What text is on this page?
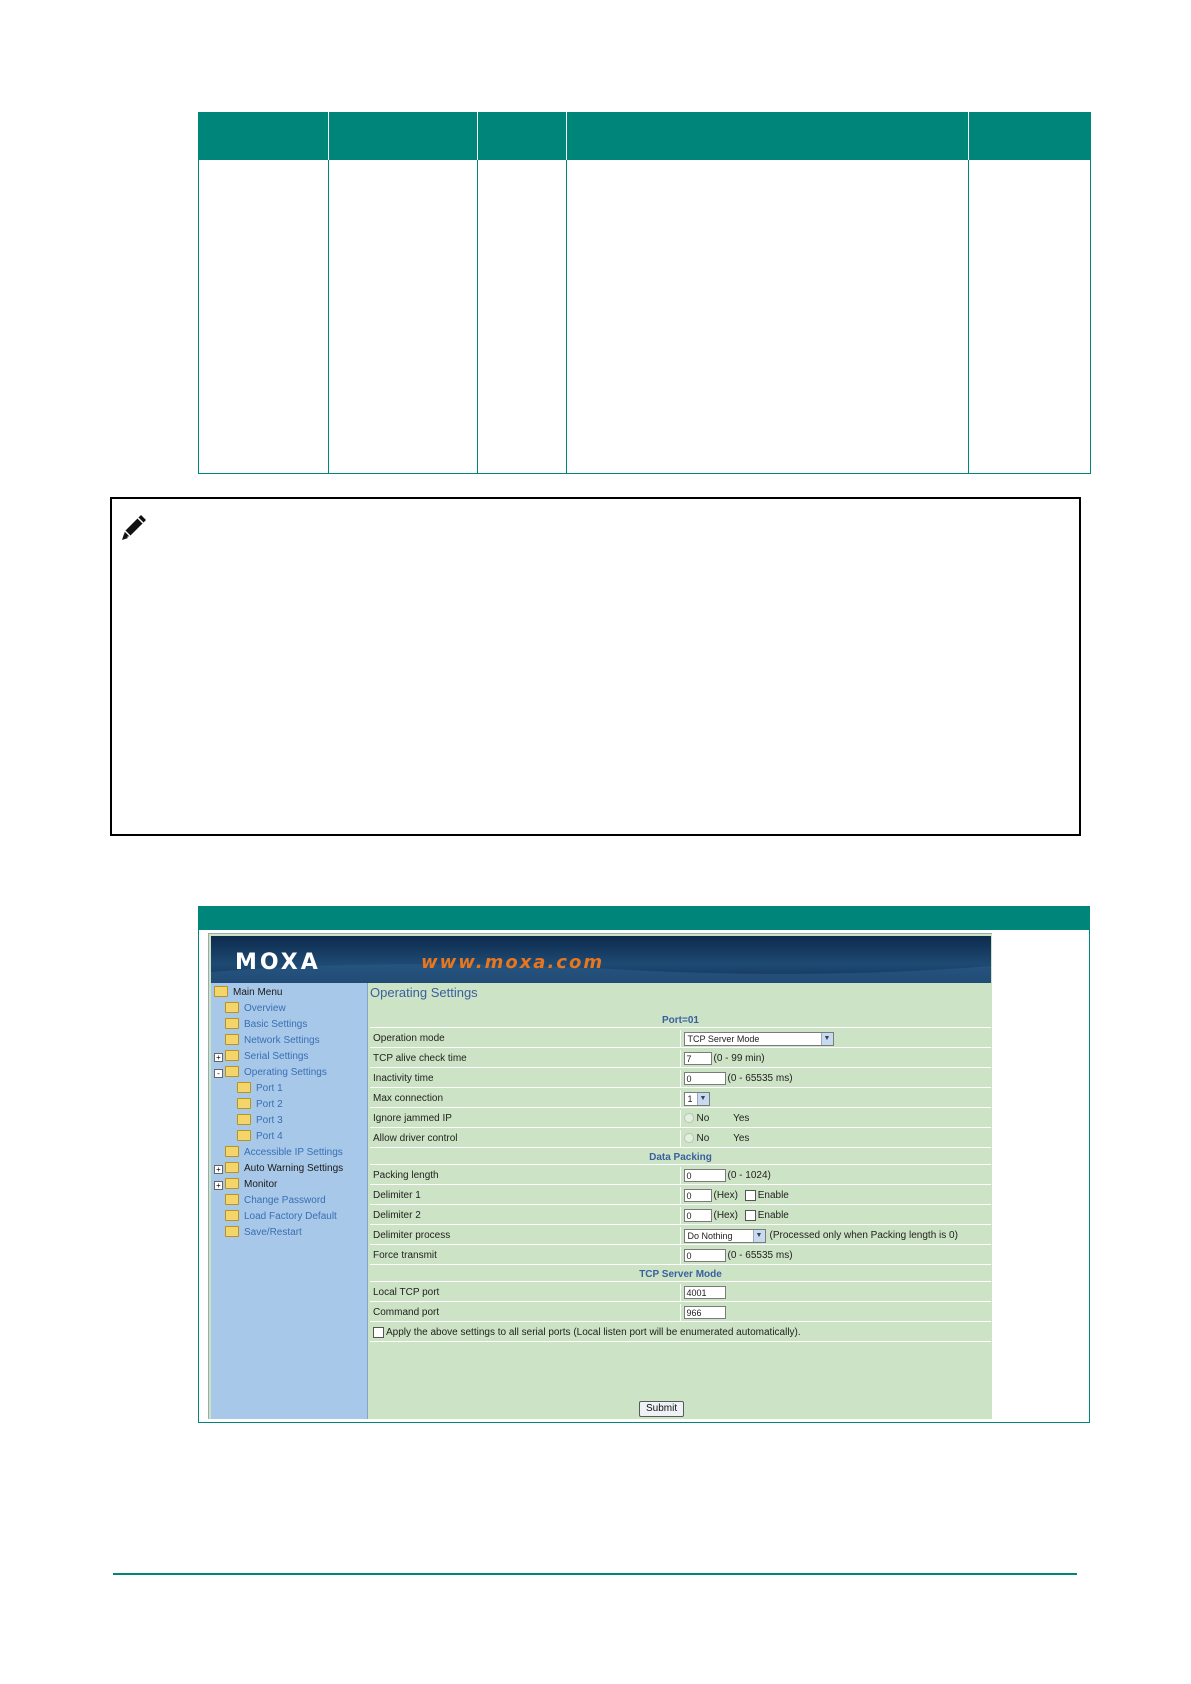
MOXA	www.moxa.com
Main Menu
Overview
Basic Settings
Network Settings
+	Serial Settings
-	Operating Settings
Port 1
Port 2
Port 3
Port 4
Accessible IP Settings
+	Auto Warning Settings
+	Monitor
Change Password
Load Factory Default
Save/Restart
Operating Settings
Port=01	
Operation mode	TCP Server Mode ▼

TCP alive check time	7 (0 - 99 min)
Inactivity time	0 (0 - 65535 ms)
Max connection	1 ▼

Ignore jammed IP	No Yes
Allow driver control	No Yes
Data Packing	
Packing length	0 (0 - 1024)
Delimiter 1	0 (Hex) Enable
Delimiter 2	0 (Hex) Enable
Delimiter process	Do Nothing ▼ (Processed only when Packing length is 0)
Force transmit	0 (0 - 65535 ms)
TCP Server Mode	
Local TCP port	4001
Command port	966
Apply the above settings to all serial ports (Local listen port will be enumerated automatically).	
Submit
